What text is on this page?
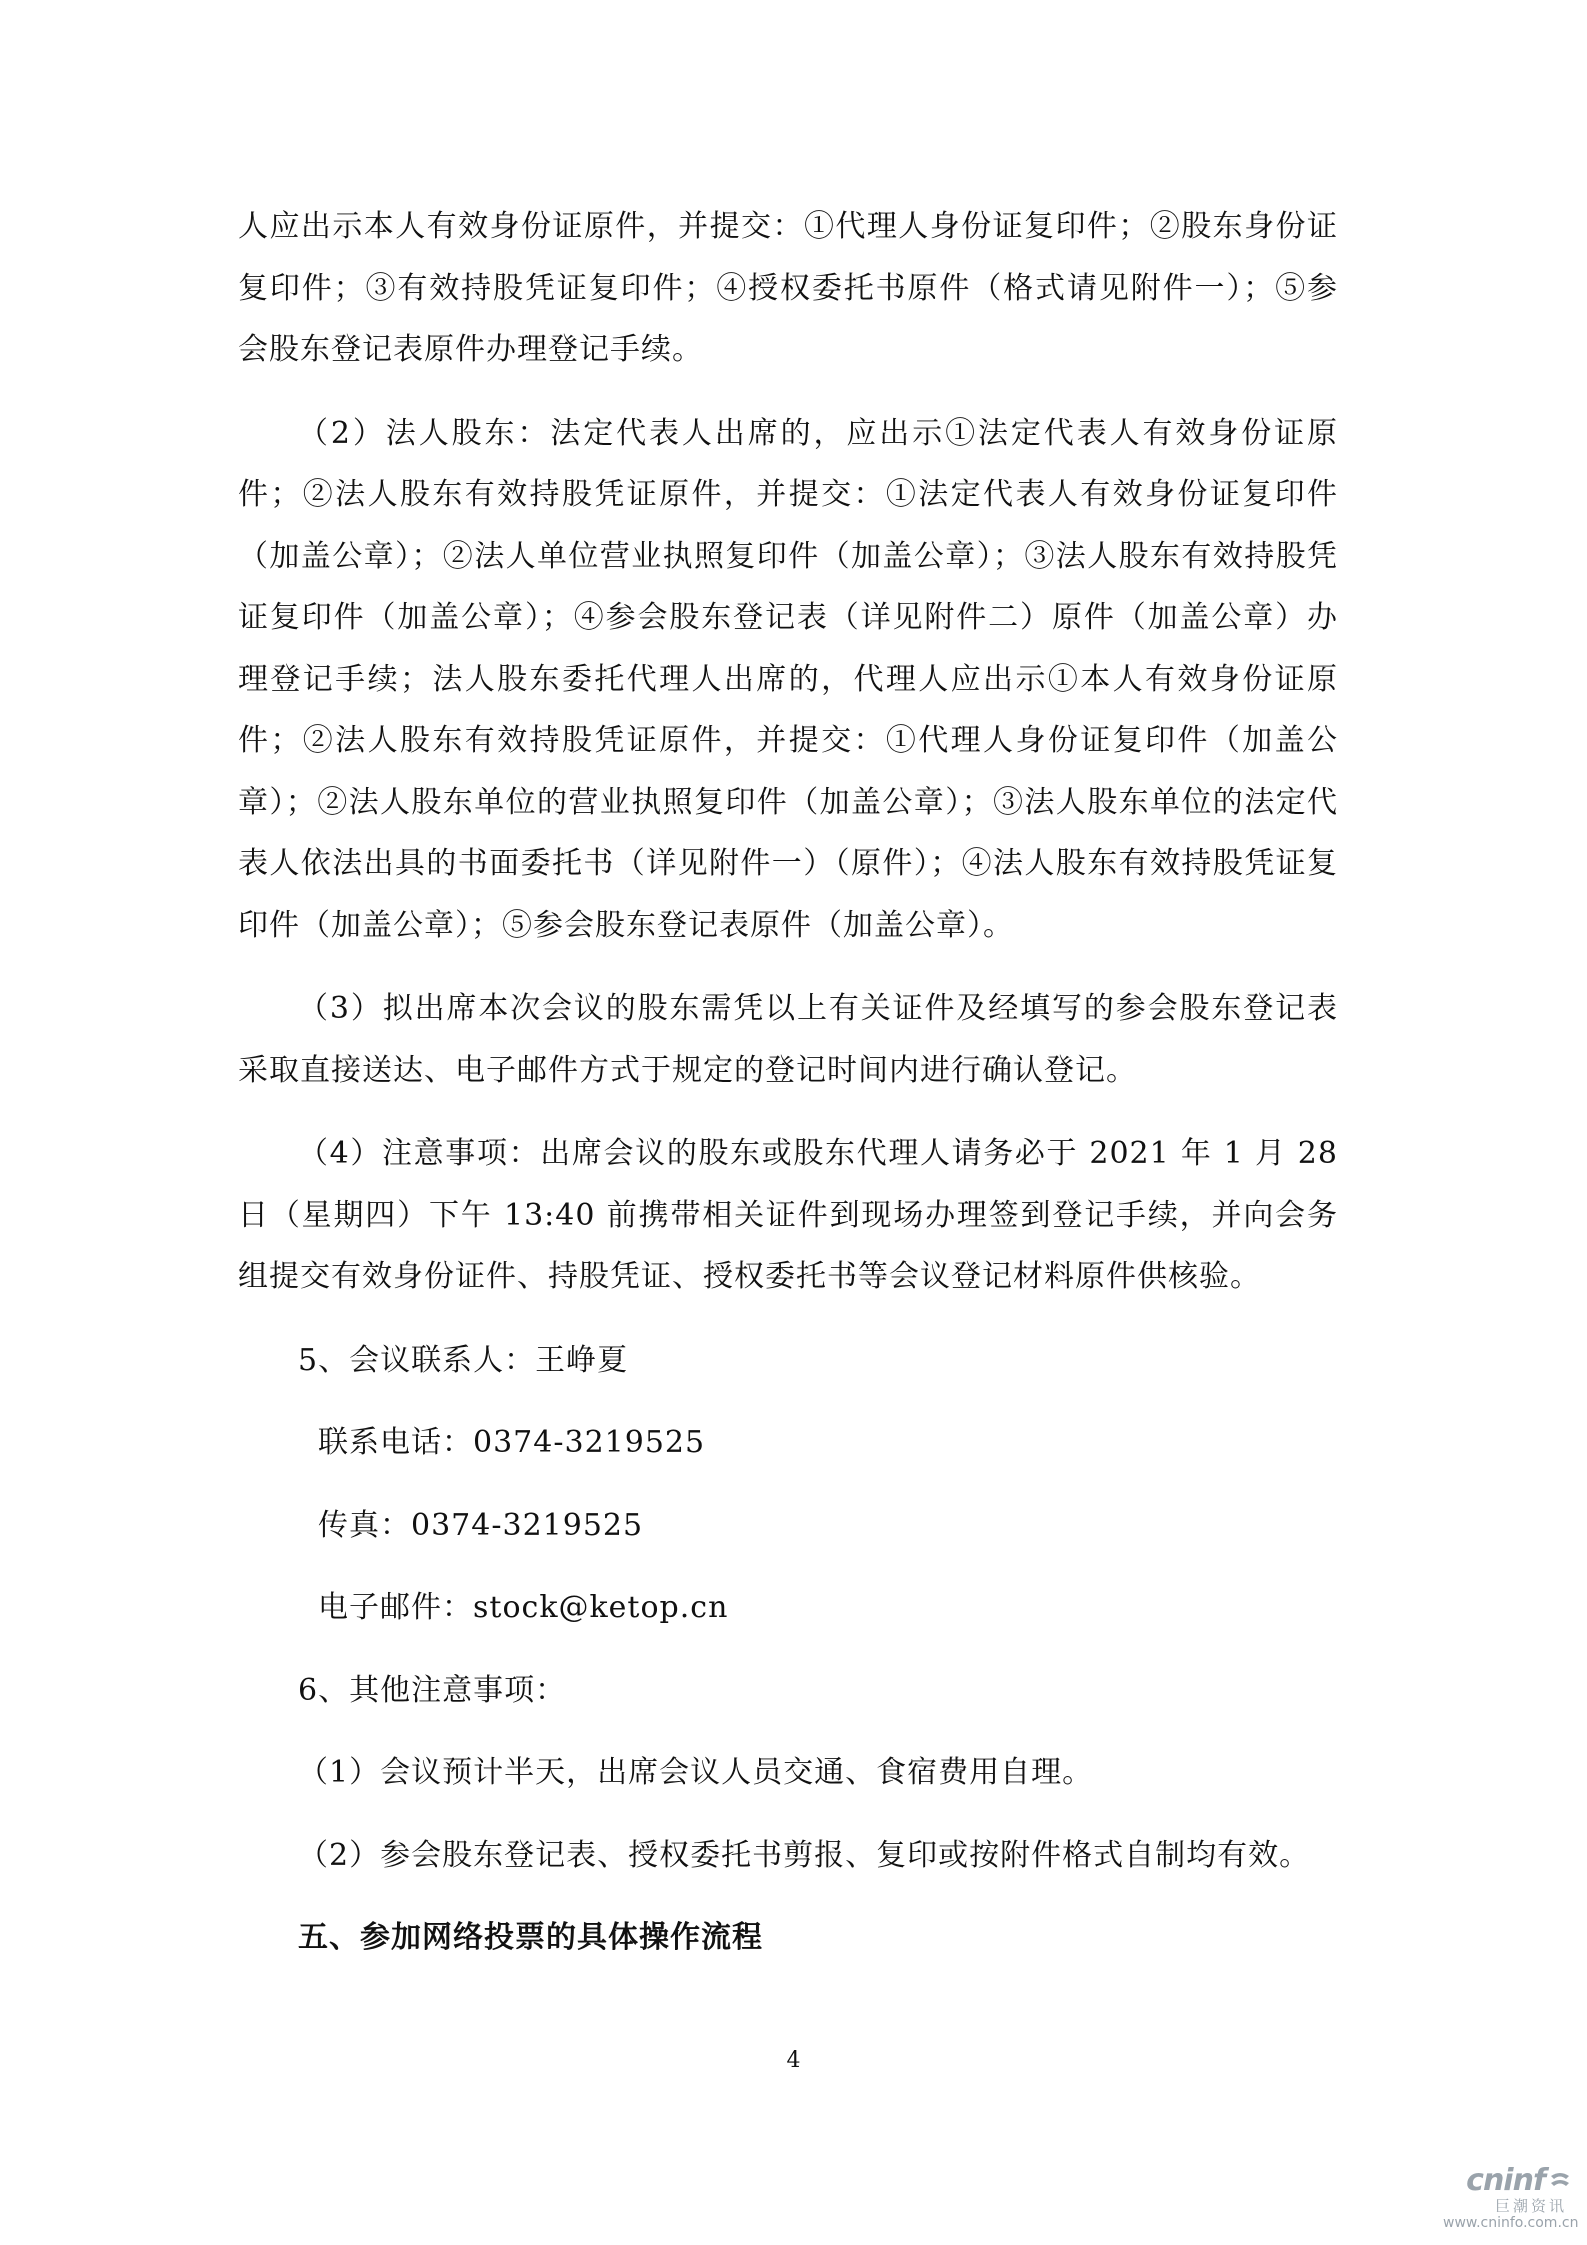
人应出示本人有效身份证原件，并提交：①代理人身份证复印件；②股东身份证复印件；③有效持股凭证复印件；④授权委托书原件（格式请见附件一）；⑤参会股东登记表原件办理登记手续。

（2）法人股东：法定代表人出席的，应出示①法定代表人有效身份证原件；②法人股东有效持股凭证原件，并提交：①法定代表人有效身份证复印件（加盖公章）；②法人单位营业执照复印件（加盖公章）；③法人股东有效持股凭证复印件（加盖公章）；④参会股东登记表（详见附件二）原件（加盖公章）办理登记手续；法人股东委托代理人出席的，代理人应出示①本人有效身份证原件；②法人股东有效持股凭证原件，并提交：①代理人身份证复印件（加盖公章）；②法人股东单位的营业执照复印件（加盖公章）；③法人股东单位的法定代表人依法出具的书面委托书（详见附件一）（原件）；④法人股东有效持股凭证复印件（加盖公章）；⑤参会股东登记表原件（加盖公章）。

（3）拟出席本次会议的股东需凭以上有关证件及经填写的参会股东登记表采取直接送达、电子邮件方式于规定的登记时间内进行确认登记。

（4）注意事项：出席会议的股东或股东代理人请务必于 2021 年 1 月 28 日（星期四）下午 13:40 前携带相关证件到现场办理签到登记手续，并向会务组提交有效身份证件、持股凭证、授权委托书等会议登记材料原件供核验。

5、会议联系人：王峥夏

联系电话：0374-3219525

传真：0374-3219525

电子邮件：stock@ketop.cn

6、其他注意事项：

（1）会议预计半天，出席会议人员交通、食宿费用自理。

（2）参会股东登记表、授权委托书剪报、复印或按附件格式自制均有效。

五、参加网络投票的具体操作流程

4
cninf
巨潮资讯
www.cninfo.com.cn
